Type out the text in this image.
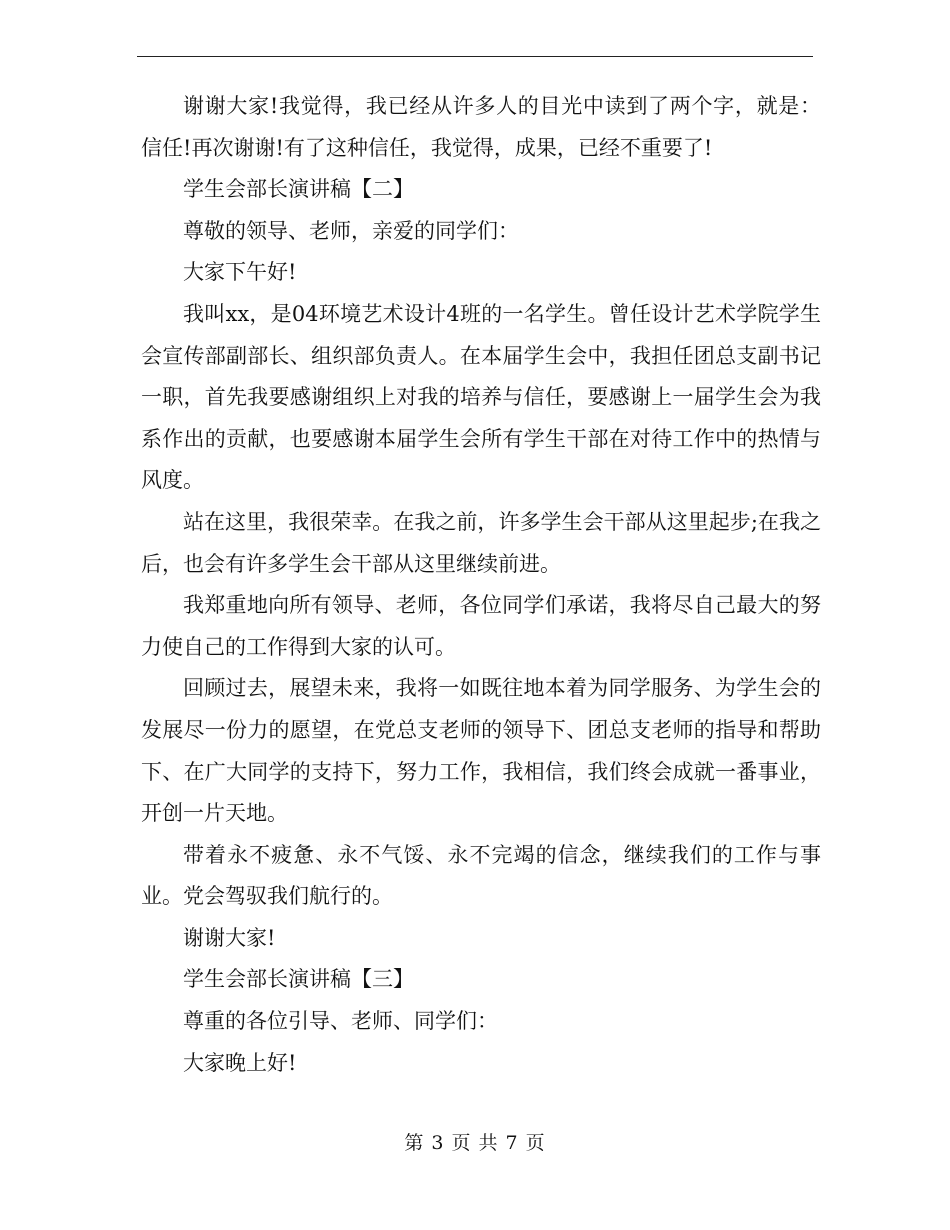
谢谢大家!我觉得，我已经从许多人的目光中读到了两个字，就是：信任!再次谢谢!有了这种信任，我觉得，成果，已经不重要了!

学生会部长演讲稿【二】

尊敬的领导、老师，亲爱的同学们：

大家下午好!

我叫xx，是04环境艺术设计4班的一名学生。曾任设计艺术学院学生会宣传部副部长、组织部负责人。在本届学生会中，我担任团总支副书记一职，首先我要感谢组织上对我的培养与信任，要感谢上一届学生会为我系作出的贡献，也要感谢本届学生会所有学生干部在对待工作中的热情与风度。

站在这里，我很荣幸。在我之前，许多学生会干部从这里起步;在我之后，也会有许多学生会干部从这里继续前进。

我郑重地向所有领导、老师，各位同学们承诺，我将尽自己最大的努力使自己的工作得到大家的认可。

回顾过去，展望未来，我将一如既往地本着为同学服务、为学生会的发展尽一份力的愿望，在党总支老师的领导下、团总支老师的指导和帮助下、在广大同学的支持下，努力工作，我相信，我们终会成就一番事业，开创一片天地。

带着永不疲惫、永不气馁、永不完竭的信念，继续我们的工作与事业。党会驾驭我们航行的。

谢谢大家!

学生会部长演讲稿【三】

尊重的各位引导、老师、同学们：

大家晚上好!

第 3 页 共 7 页
